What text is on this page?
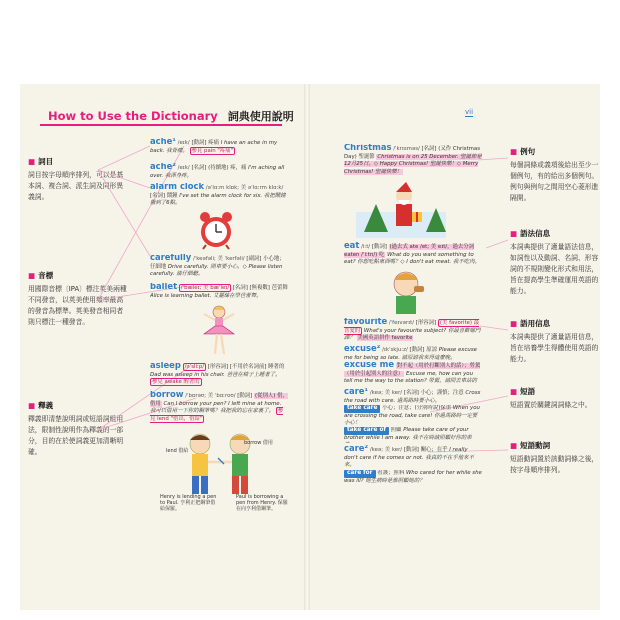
How to Use the Dictionary 詞典使用說明	vii
■ 詞目
詞目按字母順序排列，可以是基本詞、複合詞、派生詞及同形異義詞。
■ 音標
用國際音標〔IPA〕標注英美兩種不同發音，以英美使用頻率最高的發音為標準。英美發音相同者則只標注一種發音。
■ 釋義
釋義即清楚說明詞或短語詞組用法，限制性說明作為釋義的一部分，目的在於使詞義更加清晰明確。
■ 例句
每個詞條或義項後給出至少一個例句，有的給出多個例句。例句與例句之間用空心菱形進隔開。
■ 語法信息
本詞典提供了適量語法信息，如詞性以及動詞、名詞、形容詞的不規則變化形式和用法，旨在提高學生準確運用英語的能力。
■ 語用信息
本詞典提供了適量語用信息，旨在培養學生得體使用英語的能力。
■ 短語
短語置於關鍵詞詞條之中。
■ 短語動詞
短語動詞置於該動詞條之後，按字母順序排列。
ache¹ /eɪk/ [動詞] 疼痛 I have an ache in my back. 我背痛。 參見 pain "疼痛"
ache² /eɪk/ [名詞] (持續地) 疼，痛 I'm aching all over. 我渾身疼。
alarm clock /əˈlɑːm klɒk; 美 əˈlɑːrm klɑːk/ [名詞] 鬧鐘 I've set the alarm clock for six. 我把鬧鐘撥到了6點。
carefully /ˈkeəfəli; 美 ˈkerfəli/ [副詞] 小心地；仔細地 Drive carefully. 開車要小心。◇ Please listen carefully. 請仔細聽。
ballet /ˈbæleɪ; 美 bæˈleɪ/ [名詞] [無複數] 芭蕾舞 Alice is learning ballet. 艾麗絲在學芭蕾舞。
asleep /əˈsliːp/ [形容詞] [不用於名詞前] 睡著的 Dad was asleep in his chair. 爸爸在椅子上睡著了。 參見 awake 醒著的
borrow /ˈbɒrəʊ; 美 ˈbɑːroʊ/ [動詞] (從別人) 借，借用 Can I borrow your pen? I left mine at home. 我可以借用一下你的鋼筆嗎？我把我的忘在家裏了。 參見 lend "借出，借給"
lend 借給
borrow 借用
Henry is lending a pen to Paul. 亨利正把鋼筆借給保羅。
Paul is borrowing a pen from Henry. 保羅在向亨利借鋼筆。
Christmas /ˈkrɪsməs/ [名詞] (又作 Christmas Day) 聖誕節 Christmas is on 25 December. 聖誕節是12月25日。◇ Happy Christmas! 聖誕快樂！◇ Merry Christmas! 聖誕快樂！
eat /iːt/ [動詞] (過去式 ate /et; 美 eɪt/，過去分詞 eaten /ˈiːtn/) 吃 What do you want something to eat? 你想吃點東西嗎？◇ I don't eat meat. 我不吃肉。
favourite /ˈfeɪvərɪt/ [形容詞] (美 favorite) 最喜愛的 What's your favourite subject? 你最喜歡哪門課？ 美國英語拼作 favorite
excuse² /ɪkˈskjuːz/ [動詞] 原諒 Please excuse me for being so late. 請原諒我來得這麼晚。
excuse me 對不起（用於打斷別人的話）；勞駕（用於引起別人的注意） Excuse me, how can you tell me the way to the station? 勞駕，請問去車站的
care¹ /keə; 美 ker/ [名詞] 小心；謹慎；注意 Cross the road with care. 過馬路時要小心。
take care 小心；注意；(分別時說)保重 When you are crossing the road, take care! 你過馬路時一定要小心！
take care of 照顧 Please take care of your brother while I am away. 我不在時請照顧好你的弟
care² /keə; 美 ker/ [動詞] 關心；在乎 I really don't care if he comes or not. 我真的不在乎他來不來。
care for 看護；照料 Who cared for her while she was ill? 她生病時是誰照顧她的？
